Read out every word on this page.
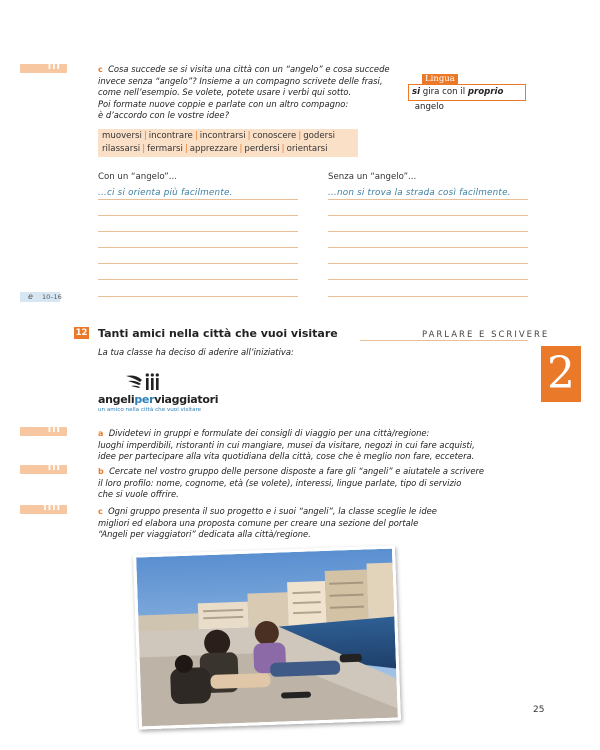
iii
iii
iii
iiii
c Cosa succede se si visita una città con un “angelo” e cosa succede
invece senza “angelo”? Insieme a un compagno scrivete delle frasi,
come nell’esempio. Se volete, potete usare i verbi qui sotto.
Poi formate nuove coppie e parlate con un altro compagno:
è d’accordo con le vostre idee?
si gira con il proprio angelo
Lingua
muoversi | incontrare | incontrarsi | conoscere | godersi
rilassarsi | fermarsi | apprezzare | perdersi | orientarsi
Con un “angelo”...	Senza un “angelo”...
...ci si orienta più facilmente.	...non si trova la strada così facilmente.
e	10–16
12 Tanti amici nella città che vuoi visitare	PARLARE E SCRIVERE
2
La tua classe ha deciso di aderire all’iniziativa:
angeliperviaggiatori
un amico nella città che vuoi visitare
a Dividetevi in gruppi e formulate dei consigli di viaggio per una città/regione:
luoghi imperdibili, ristoranti in cui mangiare, musei da visitare, negozi in cui fare acquisti,
idee per partecipare alla vita quotidiana della città, cose che è meglio non fare, eccetera.
b Cercate nel vostro gruppo delle persone disposte a fare gli “angeli” e aiutatele a scrivere
il loro profilo: nome, cognome, età (se volete), interessi, lingue parlate, tipo di servizio
che si vuole offrire.
c Ogni gruppo presenta il suo progetto e i suoi “angeli”, la classe sceglie le idee
migliori ed elabora una proposta comune per creare una sezione del portale
“Angeli per viaggiatori” dedicata alla città/regione.
25
